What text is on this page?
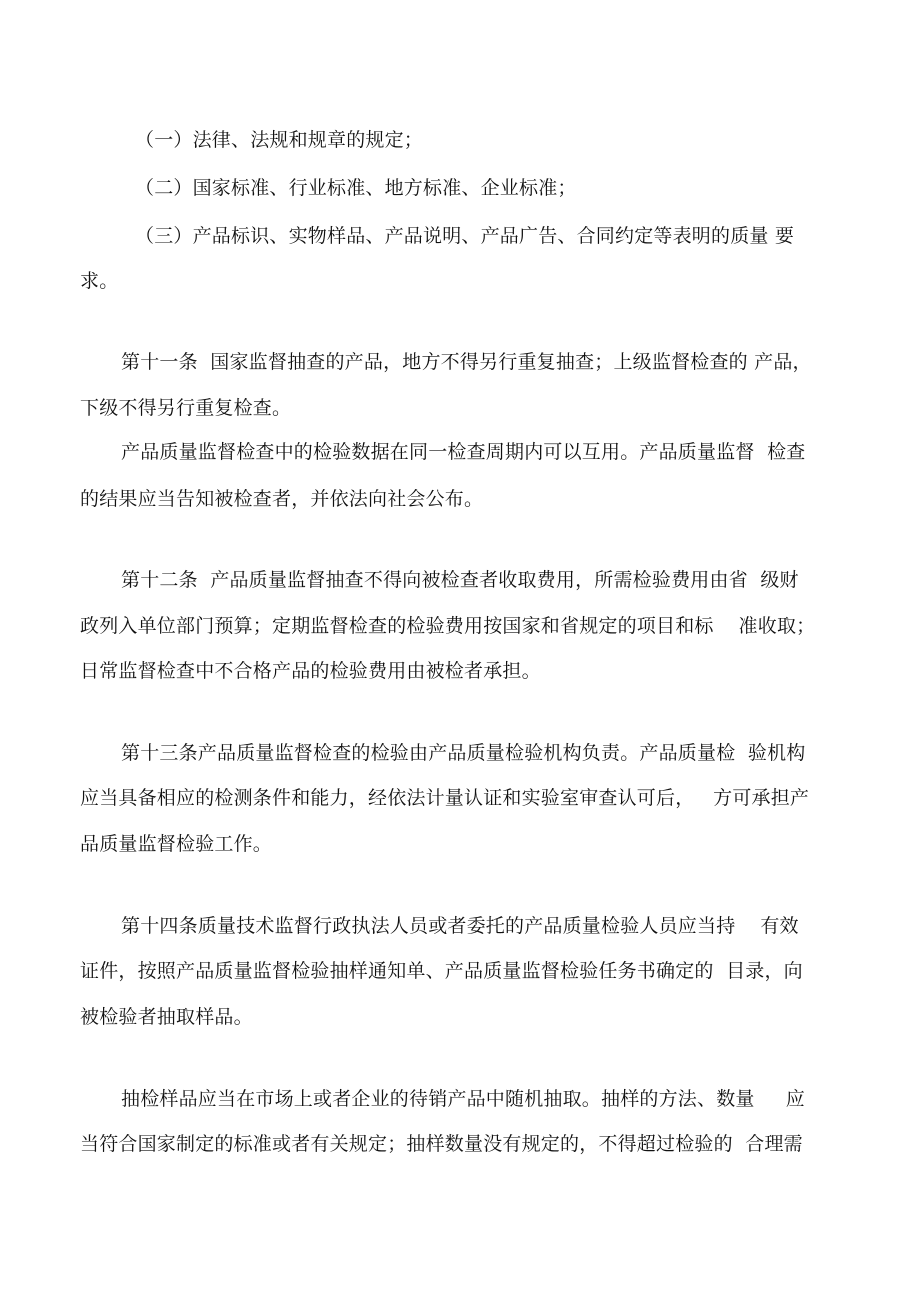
（一）法律、法规和规章的规定；
（二）国家标准、行业标准、地方标准、企业标准；
（三）产品标识、实物样品、产品说明、产品广告、合同约定等表明的质量 要
求。
第十一条  国家监督抽查的产品，地方不得另行重复抽查；上级监督检查的 产品，
下级不得另行重复检查。
产品质量监督检查中的检验数据在同一检查周期内可以互用。产品质量监督  检查
的结果应当告知被检查者，并依法向社会公布。
第十二条  产品质量监督抽查不得向被检查者收取费用，所需检验费用由省  级财
政列入单位部门预算；定期监督检查的检验费用按国家和省规定的项目和标    准收取；
日常监督检查中不合格产品的检验费用由被检者承担。
第十三条产品质量监督检查的检验由产品质量检验机构负责。产品质量检  验机构
应当具备相应的检测条件和能力，经依法计量认证和实验室审查认可后，   方可承担产
品质量监督检验工作。
第十四条质量技术监督行政执法人员或者委托的产品质量检验人员应当持    有效
证件，按照产品质量监督检验抽样通知单、产品质量监督检验任务书确定的  目录，向
被检验者抽取样品。
抽检样品应当在市场上或者企业的待销产品中随机抽取。抽样的方法、数量     应
当符合国家制定的标准或者有关规定；抽样数量没有规定的，不得超过检验的  合理需
